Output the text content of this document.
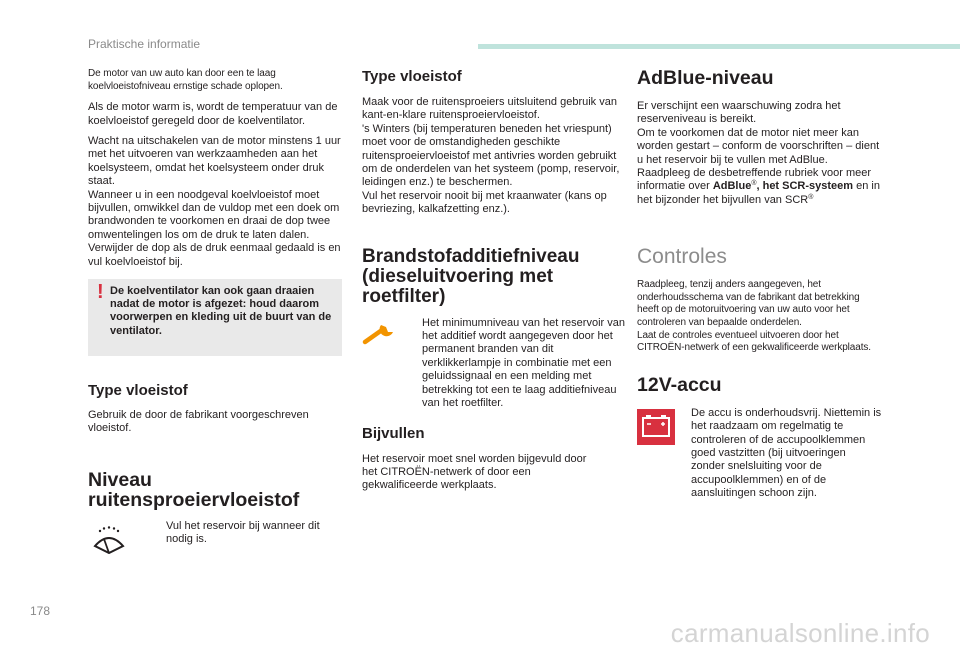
Praktische informatie

De motor van uw auto kan door een te laag koelvloeistofniveau ernstige schade oplopen.

Als de motor warm is, wordt de temperatuur van de koelvloeistof geregeld door de koelventilator.

Wacht na uitschakelen van de motor minstens 1 uur met het uitvoeren van werkzaamheden aan het koelsysteem, omdat het koelsysteem onder druk staat.

Wanneer u in een noodgeval koelvloeistof moet bijvullen, omwikkel dan de vuldop met een doek om brandwonden te voorkomen en draai de dop twee omwentelingen los om de druk te laten dalen.

Verwijder de dop als de druk eenmaal gedaald is en vul koelvloeistof bij.

! De koelventilator kan ook gaan draaien nadat de motor is afgezet: houd daarom voorwerpen en kleding uit de buurt van de ventilator.

Type vloeistof

Gebruik de door de fabrikant voorgeschreven vloeistof.

Niveau
ruitensproeiervloeistof

Vul het reservoir bij wanneer dit nodig is.

Type vloeistof

Maak voor de ruitensproeiers uitsluitend gebruik van kant-en-klare ruitensproeiervloeistof.

's Winters (bij temperaturen beneden het vriespunt) moet voor de omstandigheden geschikte ruitensproeiervloeistof met antivries worden gebruikt om de onderdelen van het systeem (pomp, reservoir, leidingen enz.) te beschermen.

Vul het reservoir nooit bij met kraanwater (kans op bevriezing, kalkafzetting enz.).

Brandstofadditiefniveau
(dieseluitvoering met
roetfilter)

Het minimumniveau van het reservoir van het additief wordt aangegeven door het permanent branden van dit verklikkerlampje in combinatie met een geluidssignaal en een melding met betrekking tot een te laag additiefniveau van het roetfilter.

Bijvullen

Het reservoir moet snel worden bijgevuld door het CITROËN-netwerk of door een gekwalificeerde werkplaats.

AdBlue-niveau

Er verschijnt een waarschuwing zodra het reserveniveau is bereikt.

Om te voorkomen dat de motor niet meer kan worden gestart – conform de voorschriften – dient u het reservoir bij te vullen met AdBlue.

Raadpleeg de desbetreffende rubriek voor meer informatie over AdBlue®, het SCR-systeem en in het bijzonder het bijvullen van SCR®

Controles

Raadpleeg, tenzij anders aangegeven, het onderhoudsschema van de fabrikant dat betrekking heeft op de motoruitvoering van uw auto voor het controleren van bepaalde onderdelen.

Laat de controles eventueel uitvoeren door het CITROËN-netwerk of een gekwalificeerde werkplaats.

12V-accu

De accu is onderhoudsvrij. Niettemin is het raadzaam om regelmatig te controleren of de accupoolklemmen goed vastzitten (bij uitvoeringen zonder snelsluiting voor de accupoolklemmen) en of de aansluitingen schoon zijn.

178
carmanualsonline.info
